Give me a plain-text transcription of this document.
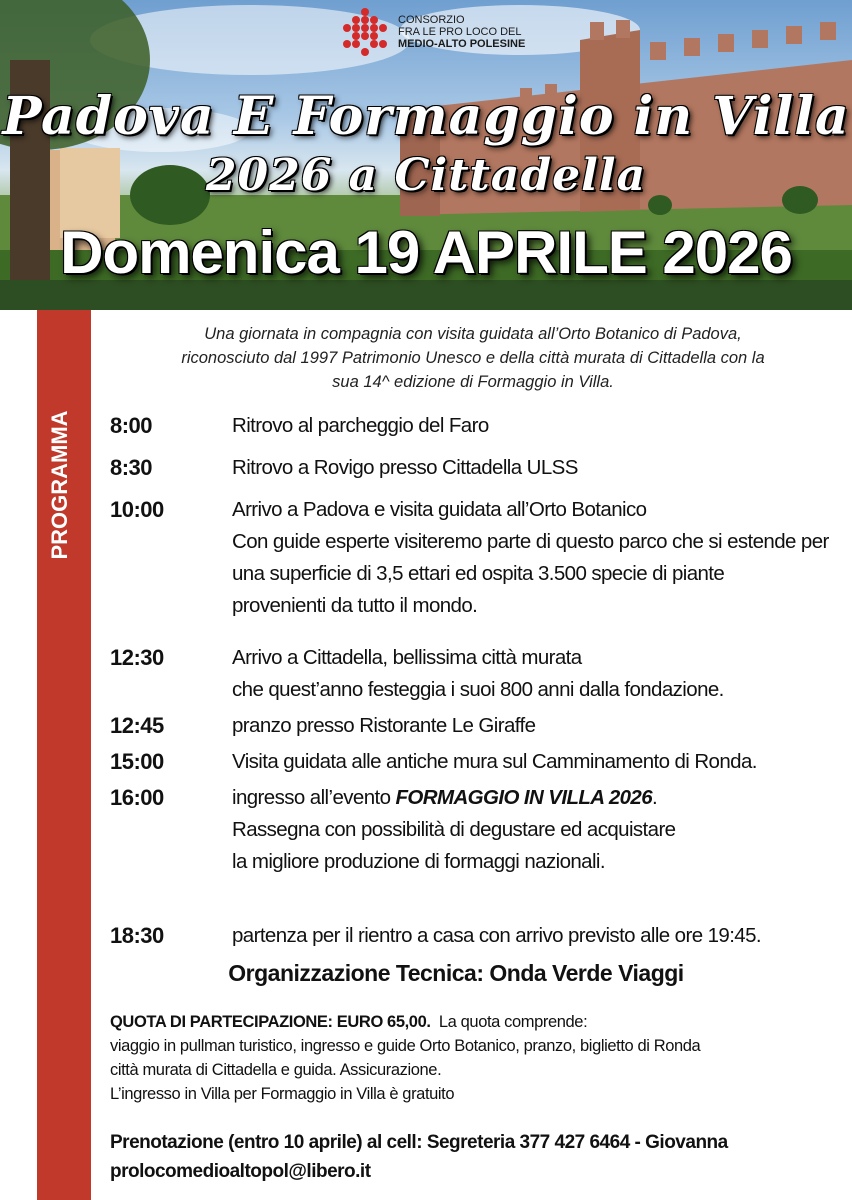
CONSORZIO
FRA LE PRO LOCO DEL
MEDIO-ALTO POLESINE
Padova E Formaggio in Villa
2026 a Cittadella
Domenica 19 APRILE 2026
PROGRAMMA
Una giornata in compagnia con visita guidata all’Orto Botanico di Padova,
riconosciuto dal 1997 Patrimonio Unesco e della città murata di Cittadella con la
sua 14^ edizione di Formaggio in Villa.
8:00	Ritrovo al parcheggio del Faro
8:30	Ritrovo a Rovigo presso Cittadella ULSS
10:00	Arrivo a Padova e visita guidata all’Orto Botanico
Con guide esperte visiteremo parte di questo parco che si estende per
una superficie di 3,5 ettari ed ospita 3.500 specie di piante
provenienti da tutto il mondo.
12:30	Arrivo a Cittadella, bellissima città murata
che quest’anno festeggia i suoi 800 anni dalla fondazione.
12:45	pranzo presso Ristorante Le Giraffe
15:00	Visita guidata alle antiche mura sul Camminamento di Ronda.
16:00	ingresso all’evento FORMAGGIO IN VILLA 2026.
Rassegna con possibilità di degustare ed acquistare
la migliore produzione di formaggi nazionali.
18:30	partenza per il rientro a casa con arrivo previsto alle ore 19:45.
Organizzazione Tecnica: Onda Verde Viaggi
QUOTA DI PARTECIPAZIONE: EURO 65,00. La quota comprende:
viaggio in pullman turistico, ingresso e guide Orto Botanico, pranzo, biglietto di Ronda
città murata di Cittadella e guida. Assicurazione.
L’ingresso in Villa per Formaggio in Villa è gratuito
Prenotazione (entro 10 aprile) al cell: Segreteria 377 427 6464 - Giovanna
prolocomedioaltopol@libero.it
